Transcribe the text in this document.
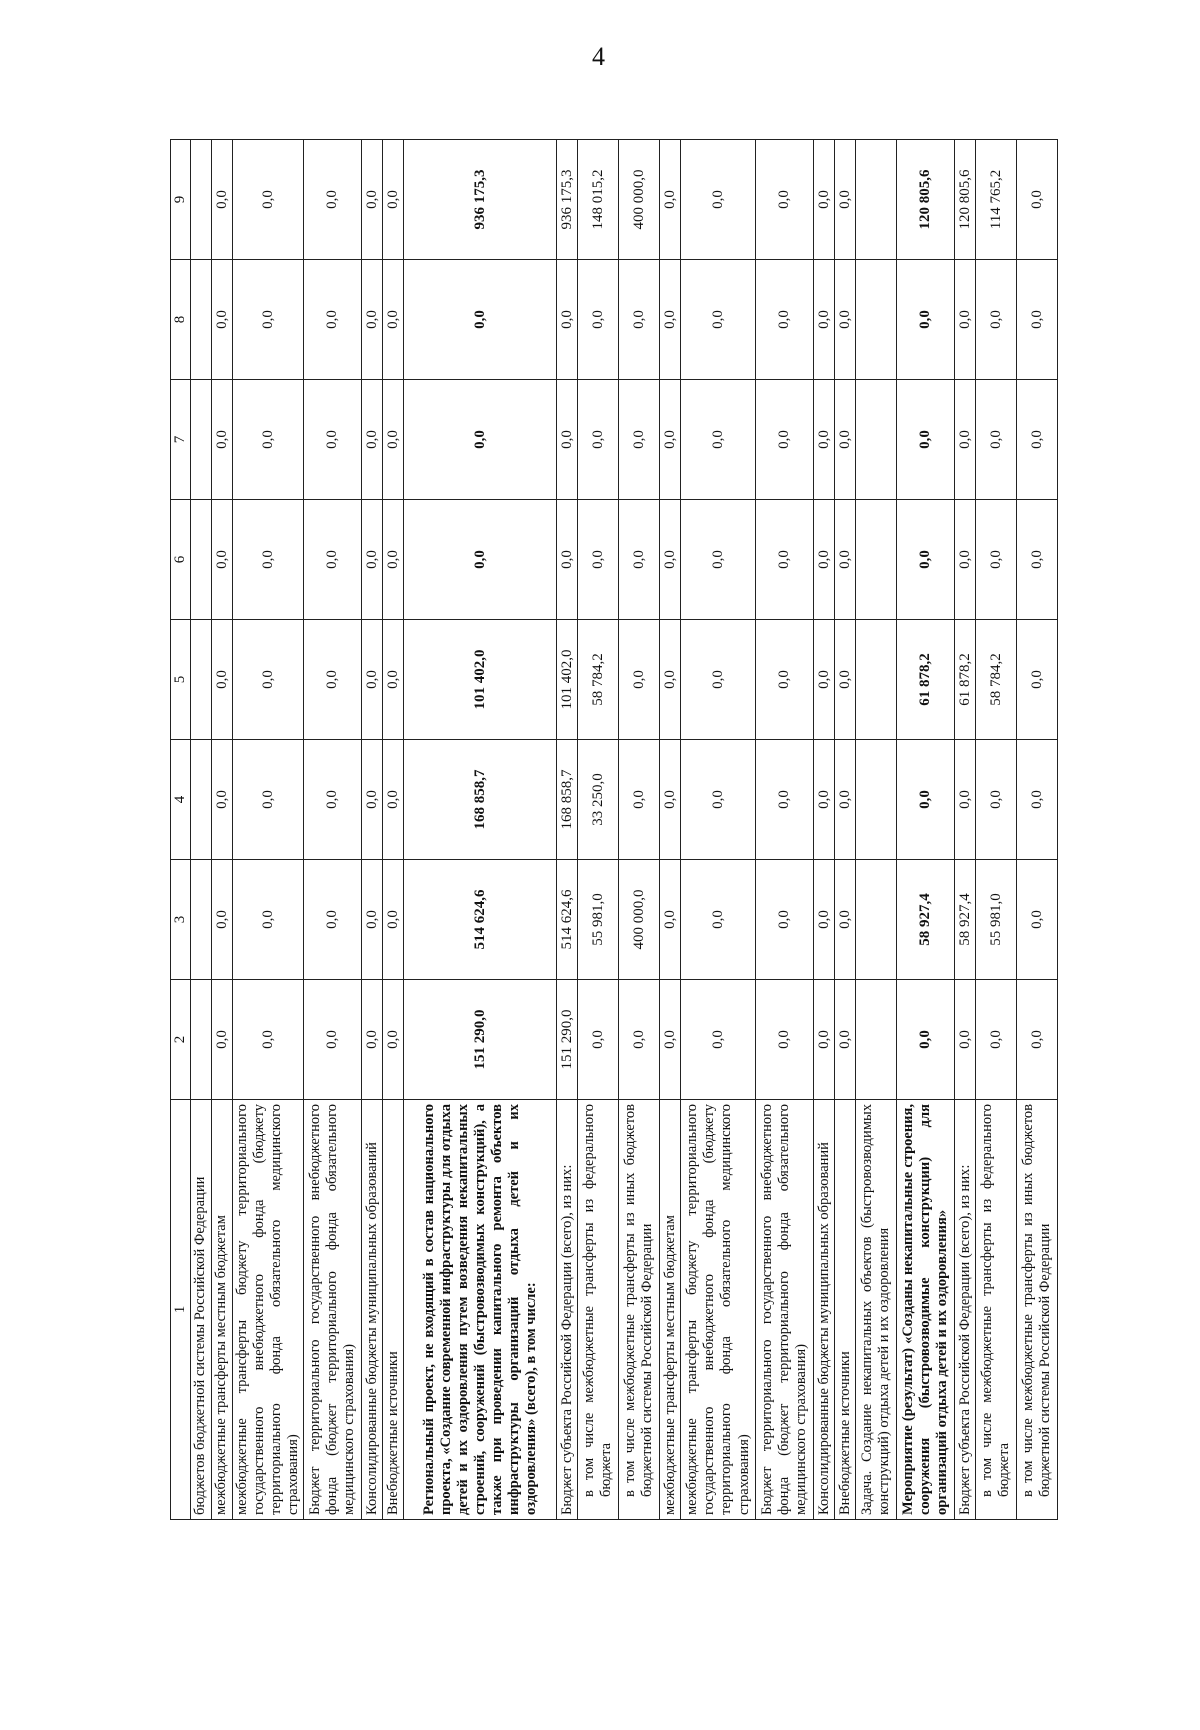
4
1	2	3	4	5	6	7	8	9
бюджетов бюджетной системы Российской Федерации								
межбюджетные трансферты местным бюджетам	0,0	0,0	0,0	0,0	0,0	0,0	0,0	0,0
межбюджетные трансферты бюджету территориального государственного внебюджетного фонда (бюджету территориального фонда обязательного медицинского страхования)	0,0	0,0	0,0	0,0	0,0	0,0	0,0	0,0
Бюджет территориального государственного внебюджетного фонда (бюджет территориального фонда обязательного медицинского страхования)	0,0	0,0	0,0	0,0	0,0	0,0	0,0	0,0
Консолидированные бюджеты муниципальных образований	0,0	0,0	0,0	0,0	0,0	0,0	0,0	0,0
Внебюджетные источники	0,0	0,0	0,0	0,0	0,0	0,0	0,0	0,0
Региональный проект, не входящий в состав национального проекта, «Создание современной инфраструктуры для отдыха детей и их оздоровления путем возведения некапитальных строений, сооружений (быстровозводимых конструкций), а также при проведении капитального ремонта объектов инфраструктуры организаций отдыха детей и их оздоровления» (всего), в том числе:	151 290,0	514 624,6	168 858,7	101 402,0	0,0	0,0	0,0	936 175,3
Бюджет субъекта Российской Федерации (всего), из них:	151 290,0	514 624,6	168 858,7	101 402,0	0,0	0,0	0,0	936 175,3
в том числе межбюджетные трансферты из федерального бюджета	0,0	55 981,0	33 250,0	58 784,2	0,0	0,0	0,0	148 015,2
в том числе межбюджетные трансферты из иных бюджетов бюджетной системы Российской Федерации	0,0	400 000,0	0,0	0,0	0,0	0,0	0,0	400 000,0
межбюджетные трансферты местным бюджетам	0,0	0,0	0,0	0,0	0,0	0,0	0,0	0,0
межбюджетные трансферты бюджету территориального государственного внебюджетного фонда (бюджету территориального фонда обязательного медицинского страхования)	0,0	0,0	0,0	0,0	0,0	0,0	0,0	0,0
Бюджет территориального государственного внебюджетного фонда (бюджет территориального фонда обязательного медицинского страхования)	0,0	0,0	0,0	0,0	0,0	0,0	0,0	0,0
Консолидированные бюджеты муниципальных образований	0,0	0,0	0,0	0,0	0,0	0,0	0,0	0,0
Внебюджетные источники	0,0	0,0	0,0	0,0	0,0	0,0	0,0	0,0
Задача. Создание некапитальных объектов (быстровозводимых конструкций) отдыха детей и их оздоровления								
Мероприятие (результат) «Созданы некапитальные строения, сооружения (быстровозводимые конструкции) для организаций отдыха детей и их оздоровления»	0,0	58 927,4	0,0	61 878,2	0,0	0,0	0,0	120 805,6
Бюджет субъекта Российской Федерации (всего), из них:	0,0	58 927,4	0,0	61 878,2	0,0	0,0	0,0	120 805,6
в том числе межбюджетные трансферты из федерального бюджета	0,0	55 981,0	0,0	58 784,2	0,0	0,0	0,0	114 765,2
в том числе межбюджетные трансферты из иных бюджетов бюджетной системы Российской Федерации	0,0	0,0	0,0	0,0	0,0	0,0	0,0	0,0
